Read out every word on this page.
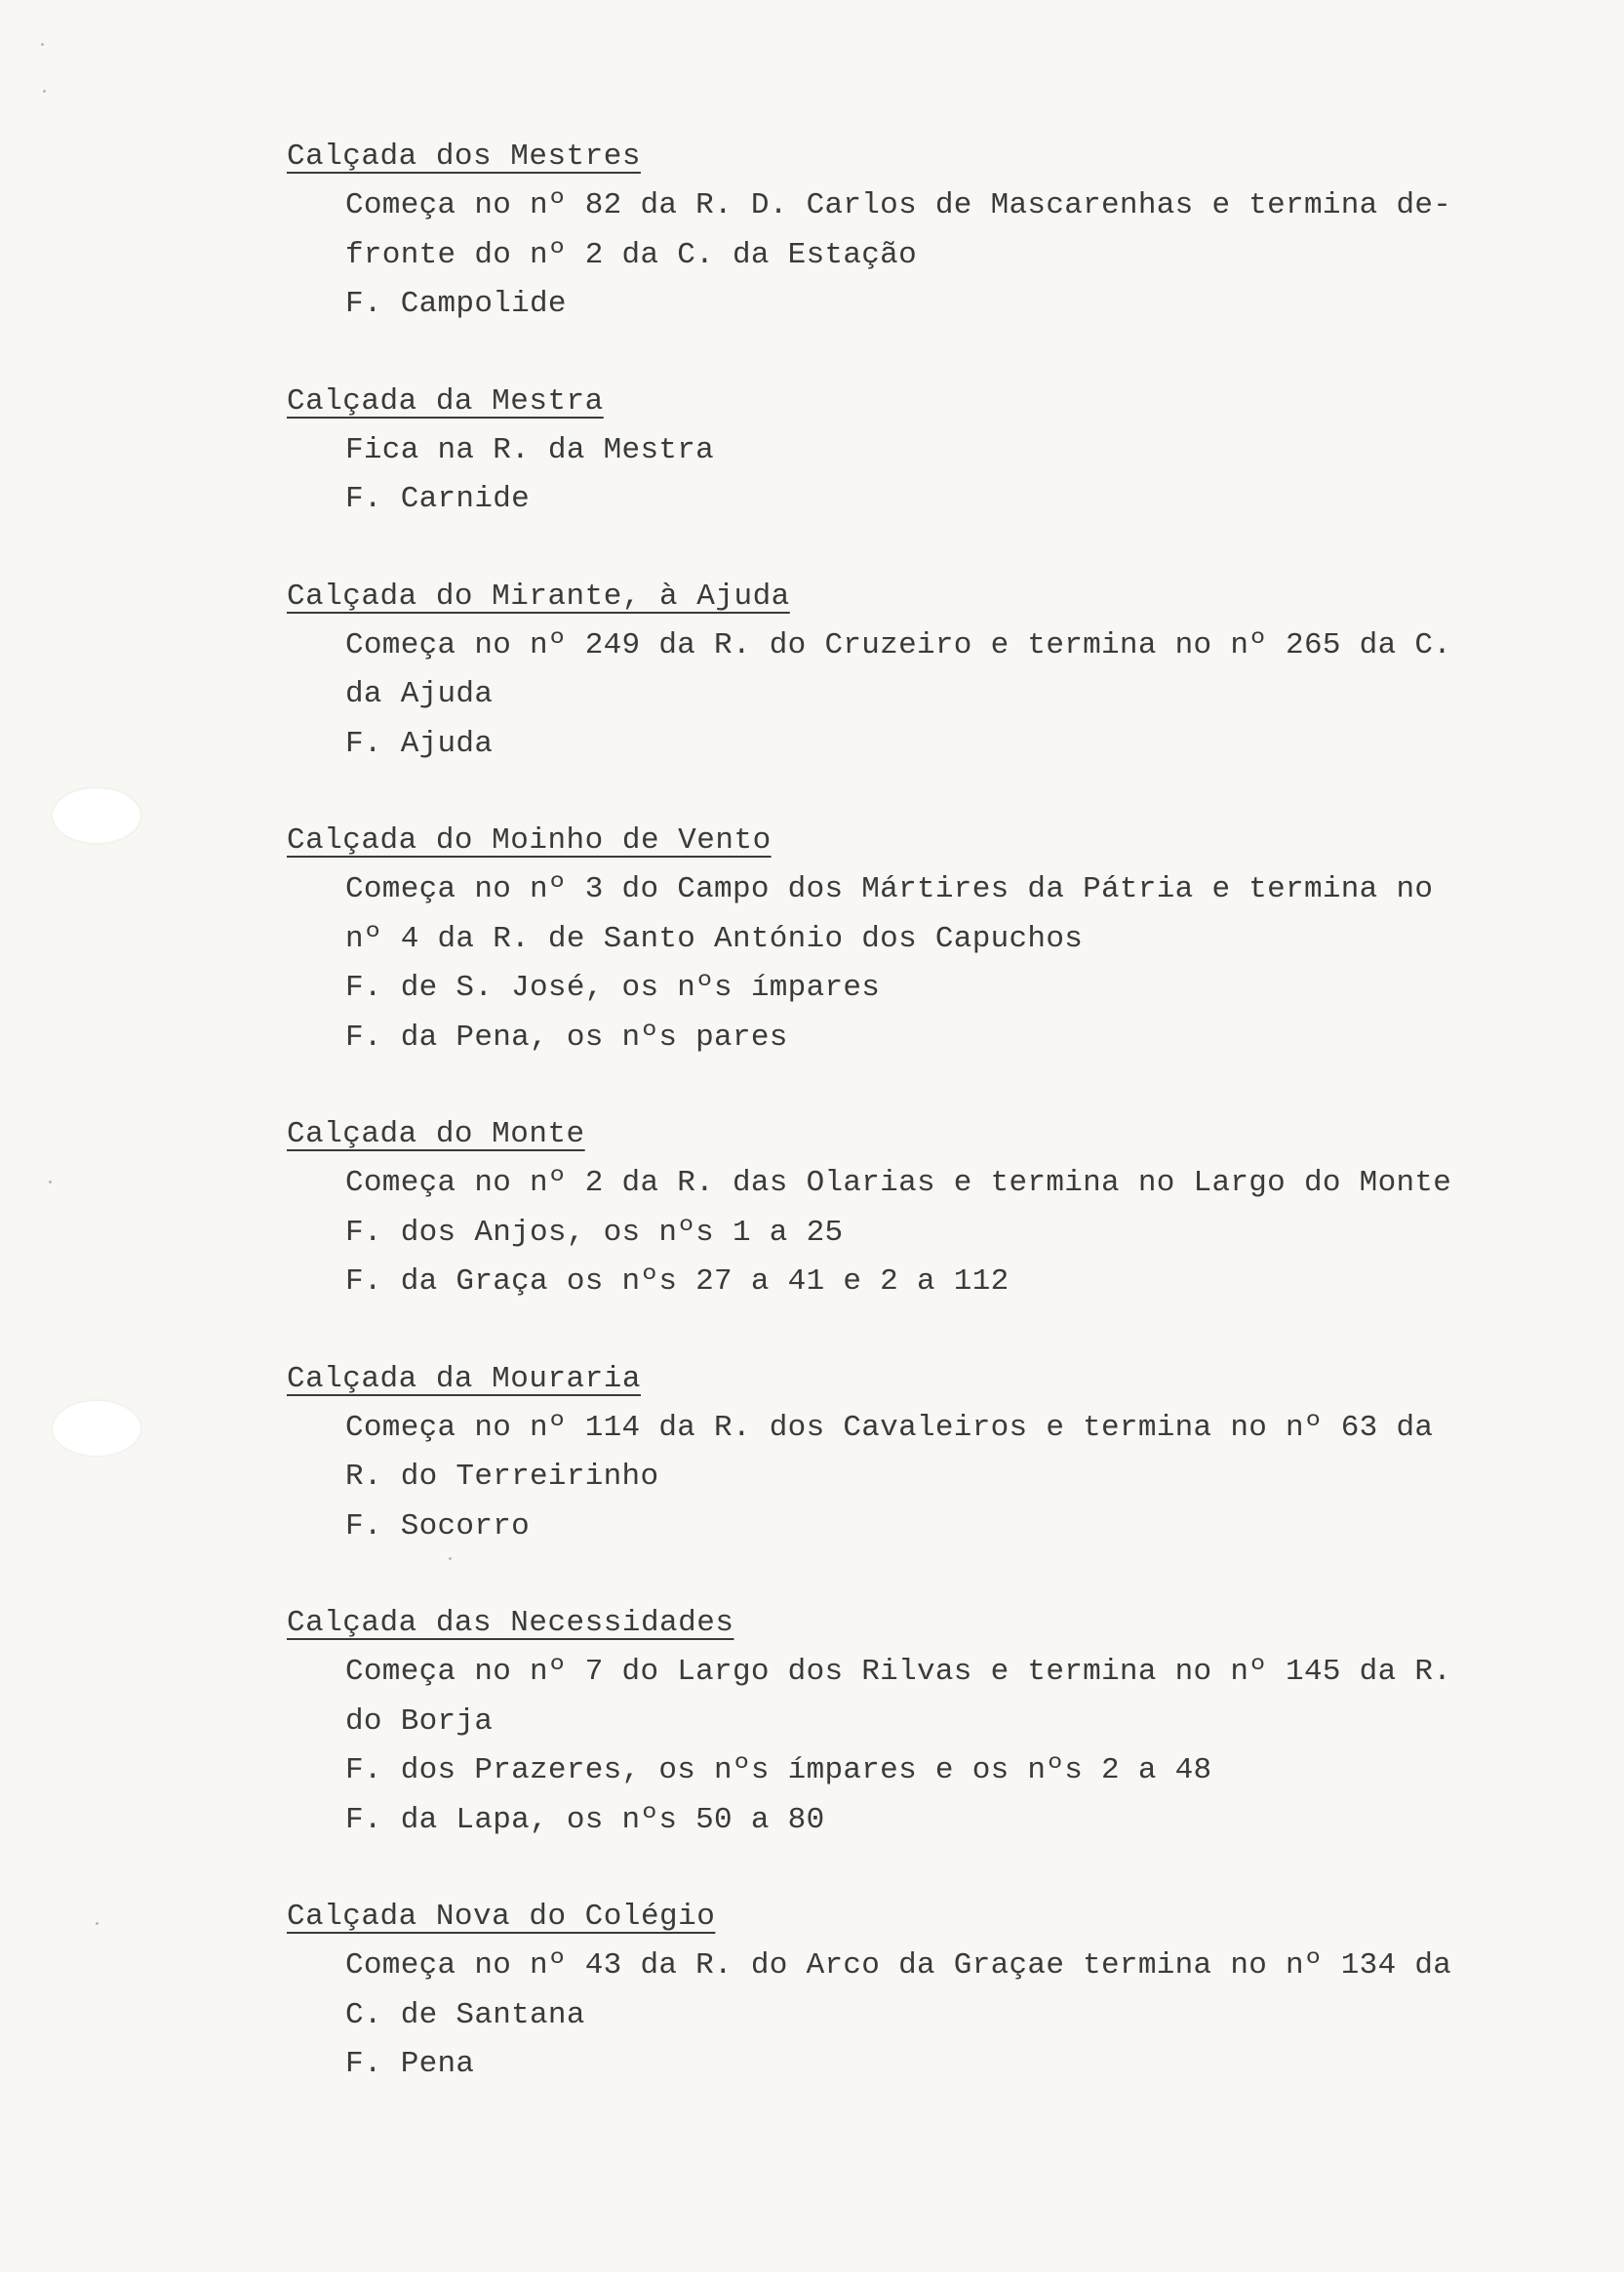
Calçada dos Mestres
Começa no nº 82 da R. D. Carlos de Mascarenhas e termina de-
fronte do nº 2 da C. da Estação
F. Campolide
Calçada da Mestra
Fica na R. da Mestra
F. Carnide
Calçada do Mirante, à Ajuda
Começa no nº 249 da R. do Cruzeiro e termina no nº 265 da C.
da Ajuda
F. Ajuda
Calçada do Moinho de Vento
Começa no nº 3 do Campo dos Mártires da Pátria e termina no
nº 4 da R. de Santo António dos Capuchos
F. de S. José, os nºs ímpares
F. da Pena, os nºs pares
Calçada do Monte
Começa no nº 2 da R. das Olarias e termina no Largo do Monte
F. dos Anjos, os nºs 1 a 25
F. da Graça os nºs 27 a 41 e 2 a 112
Calçada da Mouraria
Começa no nº 114 da R. dos Cavaleiros e termina no nº 63 da
R. do Terreirinho
F. Socorro
Calçada das Necessidades
Começa no nº 7 do Largo dos Rilvas e termina no nº 145 da R.
do Borja
F. dos Prazeres, os nºs ímpares e os nºs 2 a 48
F. da Lapa, os nºs 50 a 80
Calçada Nova do Colégio
Começa no nº 43 da R. do Arco da Graçae termina no nº 134 da
C. de Santana
F. Pena
